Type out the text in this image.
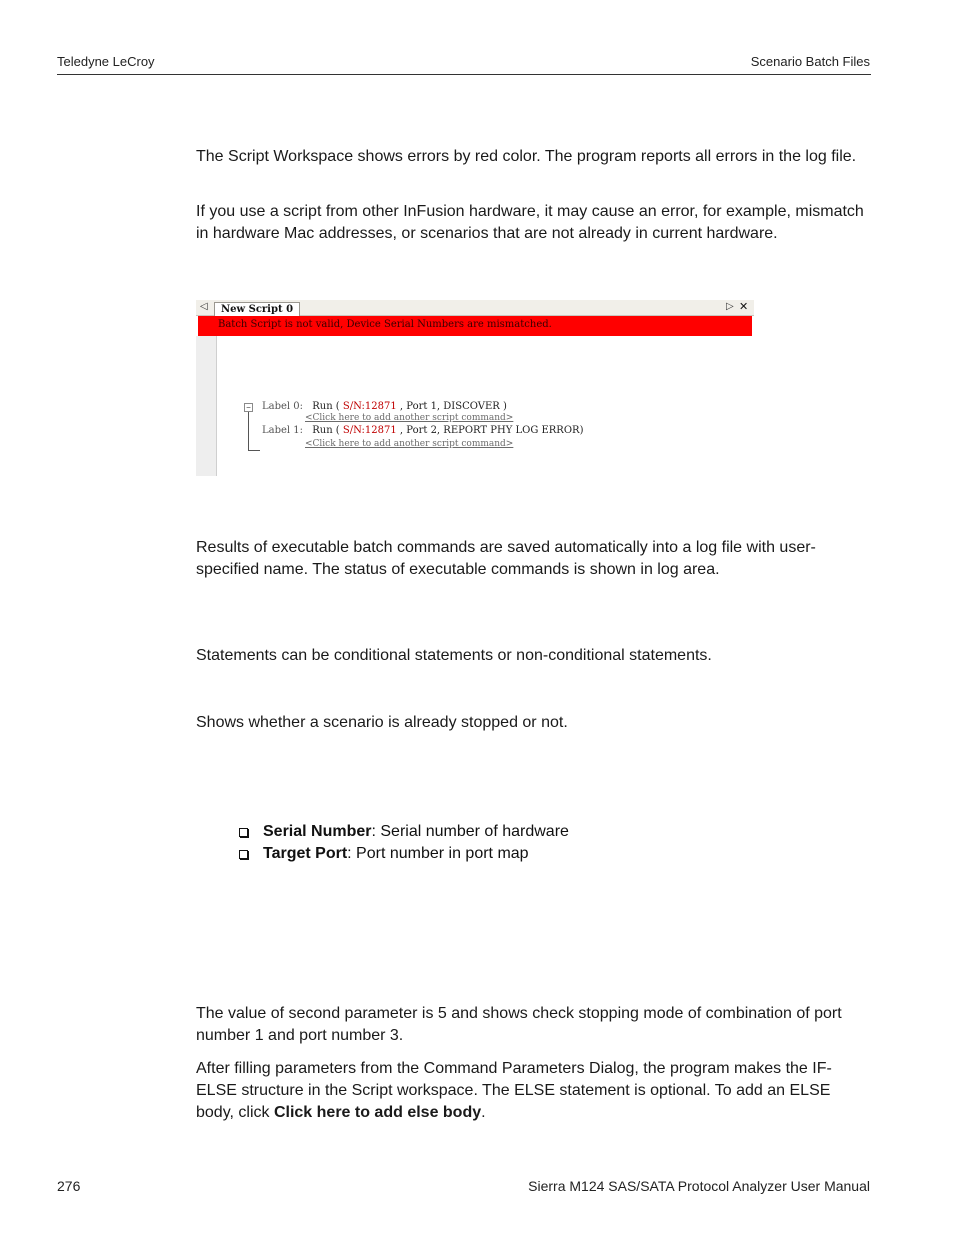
Teledyne LeCroy	Scenario Batch Files

The Script Workspace shows errors by red color. The program reports all errors in the log file.

If you use a script from other InFusion hardware, it may cause an error, for example, mismatch in hardware Mac addresses, or scenarios that are not already in current hardware.

◁	New Script 0	▷ ✕
Batch Script is not valid, Device Serial Numbers are mismatched.
− Label 0: Run ( S/N:12871 , Port 1, DISCOVER )
<Click here to add another script command>
Label 1: Run ( S/N:12871 , Port 2, REPORT PHY LOG ERROR)
<Click here to add another script command>

Results of executable batch commands are saved automatically into a log file with user-specified name. The status of executable commands is shown in log area.

Statements can be conditional statements or non-conditional statements.

Shows whether a scenario is already stopped or not.

Serial Number: Serial number of hardware
Target Port: Port number in port map

The value of second parameter is 5 and shows check stopping mode of combination of port number 1 and port number 3.

After filling parameters from the Command Parameters Dialog, the program makes the IF-ELSE structure in the Script workspace. The ELSE statement is optional. To add an ELSE body, click Click here to add else body.

276	Sierra M124 SAS/SATA Protocol Analyzer User Manual
